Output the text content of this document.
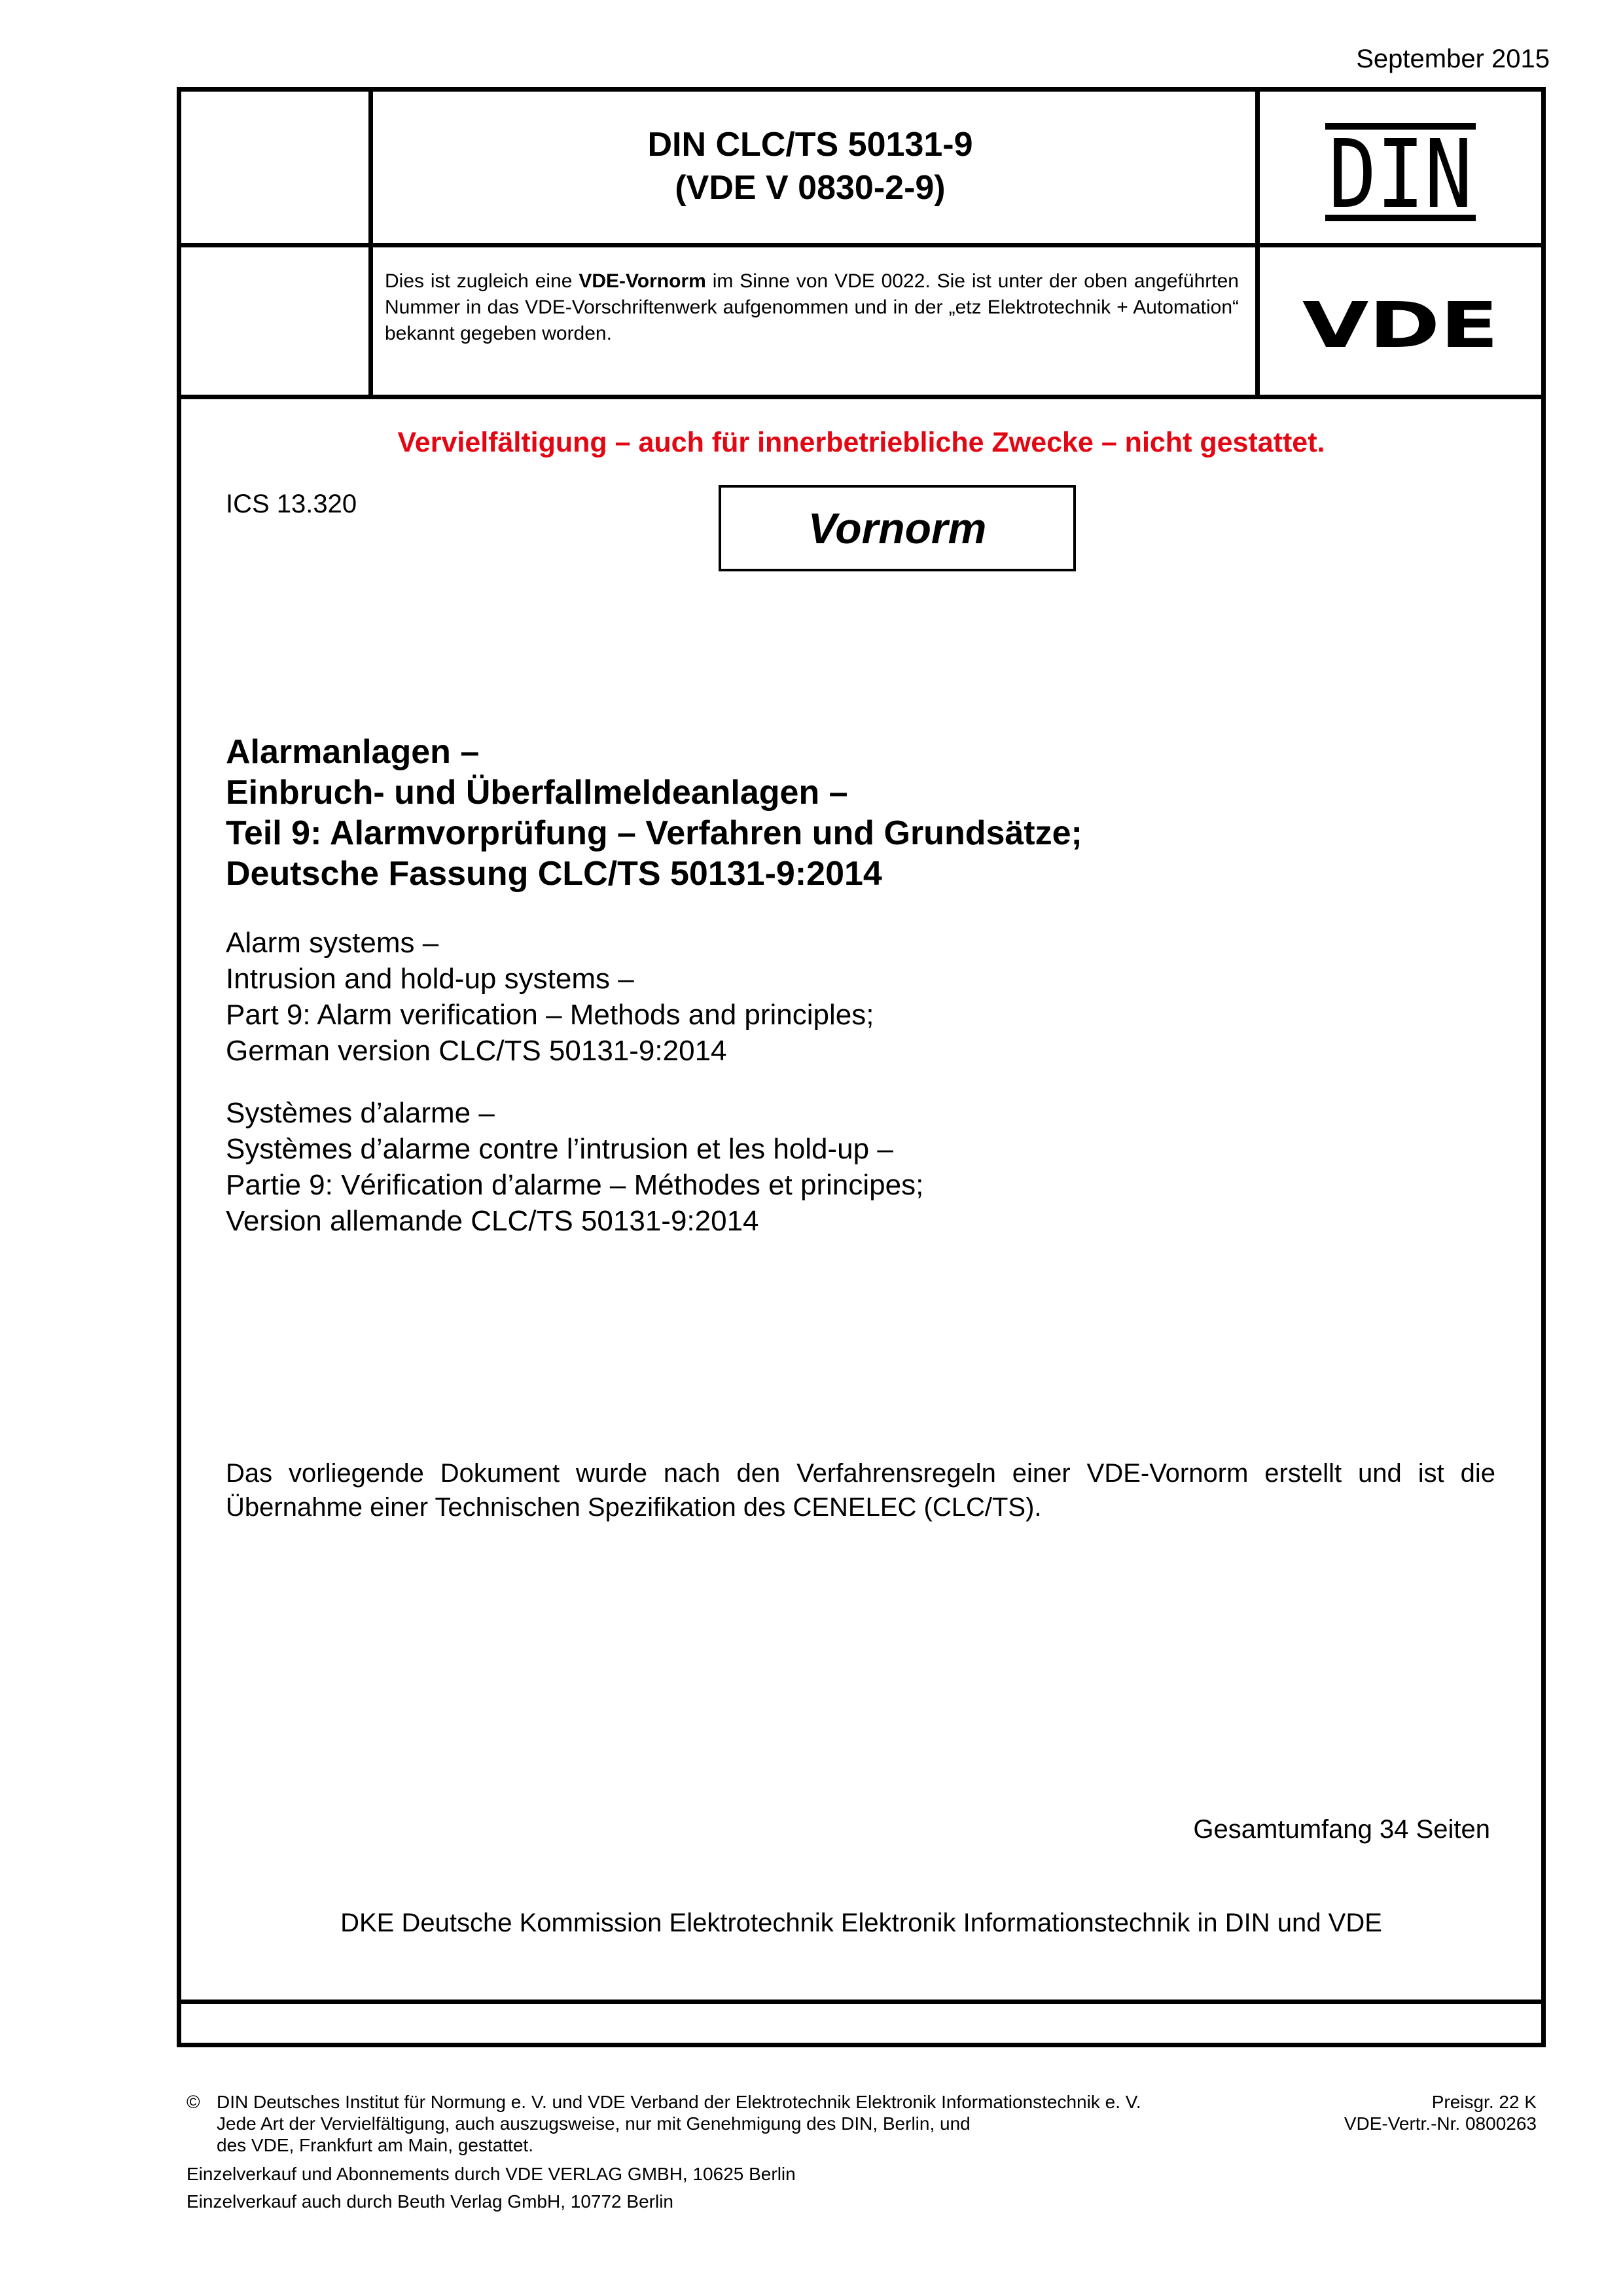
September 2015
DIN CLC/TS 50131-9
(VDE V 0830-2-9)	DIN
Dies ist zugleich eine VDE-Vornorm im Sinne von VDE 0022. Sie ist unter der oben angeführten Nummer in das VDE-Vorschriftenwerk aufgenommen und in der „etz Elektrotechnik + Automation“ bekannt gegeben worden.	VDE
Vervielfältigung – auch für innerbetriebliche Zwecke – nicht gestattet.
ICS 13.320	Vornorm
Alarmanlagen –
Einbruch- und Überfallmeldeanlagen –
Teil 9: Alarmvorprüfung – Verfahren und Grundsätze;
Deutsche Fassung CLC/TS 50131-9:2014
Alarm systems –
Intrusion and hold-up systems –
Part 9: Alarm verification – Methods and principles;
German version CLC/TS 50131-9:2014
Systèmes d’alarme –
Systèmes d’alarme contre l’intrusion et les hold-up –
Partie 9: Vérification d’alarme – Méthodes et principes;
Version allemande CLC/TS 50131-9:2014
Das vorliegende Dokument wurde nach den Verfahrensregeln einer VDE-Vornorm erstellt und ist die Übernahme einer Technischen Spezifikation des CENELEC (CLC/TS).
Gesamtumfang 34 Seiten
DKE Deutsche Kommission Elektrotechnik Elektronik Informationstechnik in DIN und VDE
© DIN Deutsches Institut für Normung e. V. und VDE Verband der Elektrotechnik Elektronik Informationstechnik e. V.
Jede Art der Vervielfältigung, auch auszugsweise, nur mit Genehmigung des DIN, Berlin, und
des VDE, Frankfurt am Main, gestattet.
Preisgr. 22 K
VDE-Vertr.-Nr. 0800263
Einzelverkauf und Abonnements durch VDE VERLAG GMBH, 10625 Berlin
Einzelverkauf auch durch Beuth Verlag GmbH, 10772 Berlin
